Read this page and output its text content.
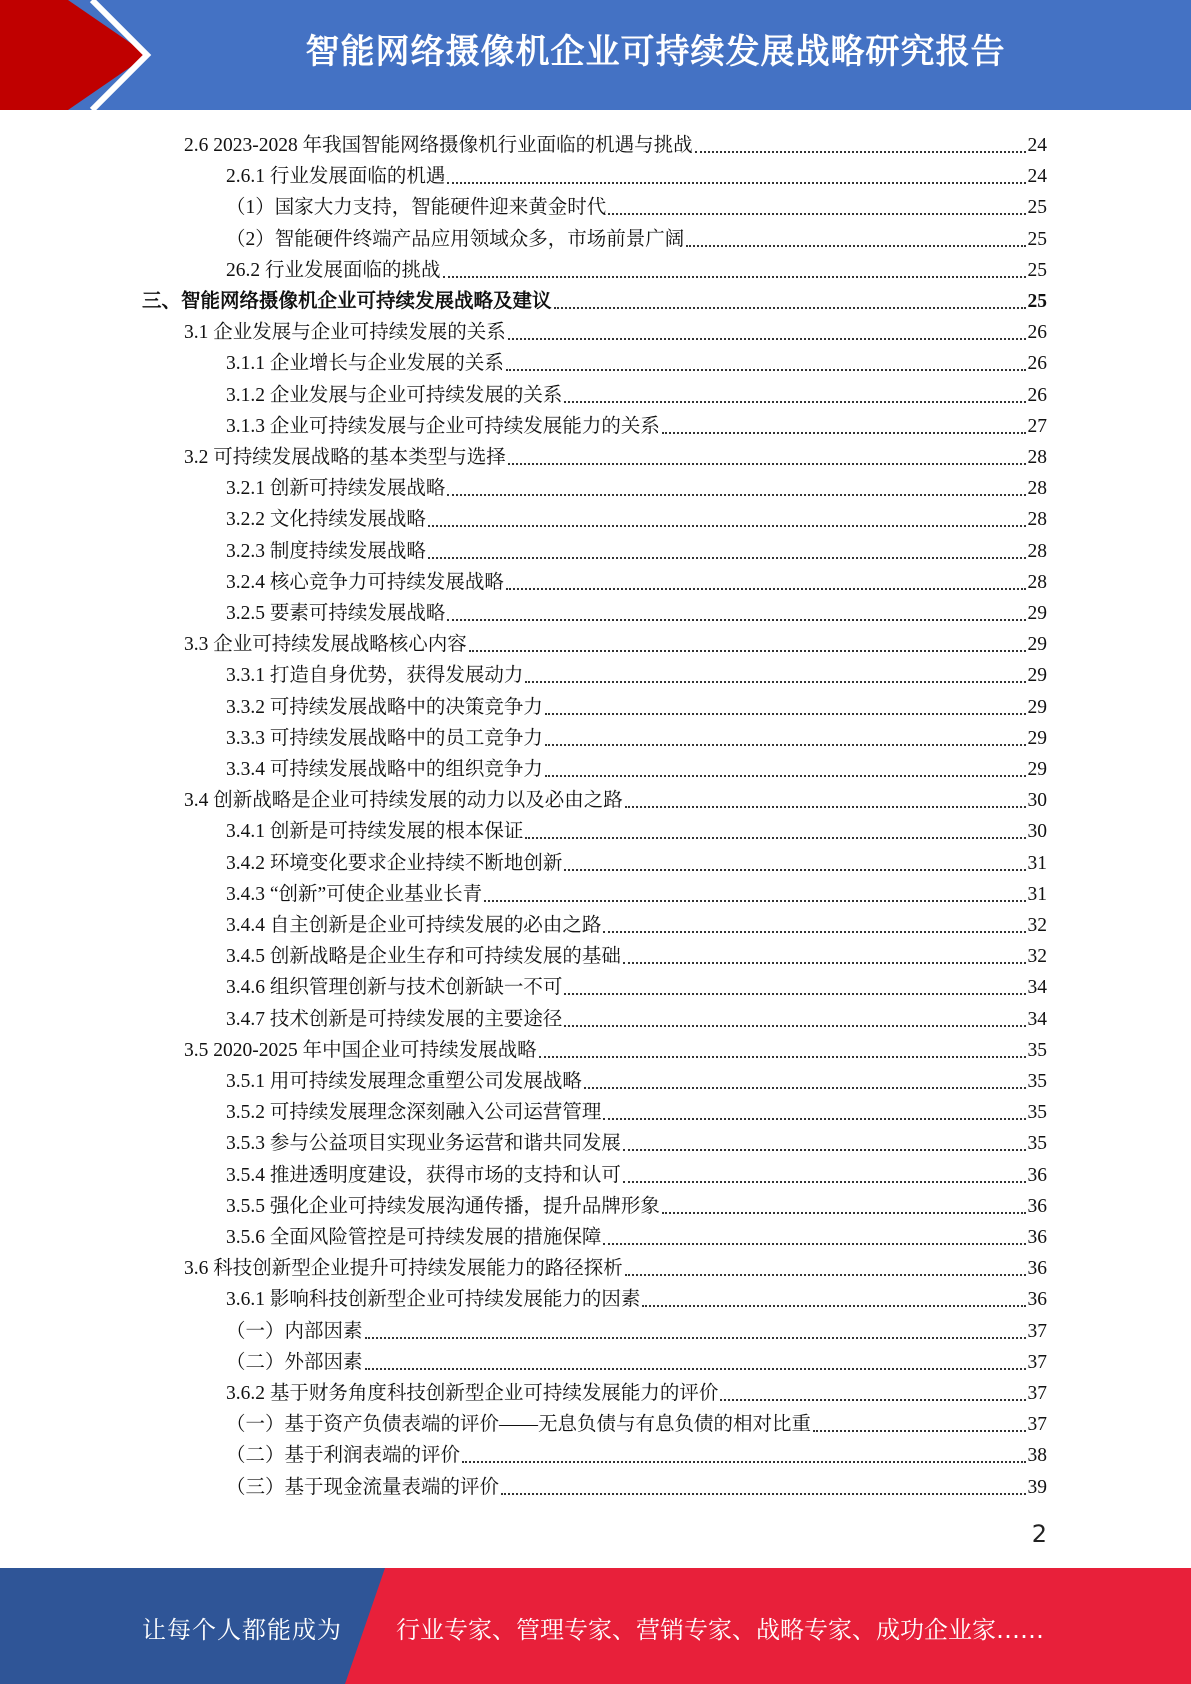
智能网络摄像机企业可持续发展战略研究报告
2.6 2023-2028 年我国智能网络摄像机行业面临的机遇与挑战	24
2.6.1 行业发展面临的机遇	24
（1）国家大力支持，智能硬件迎来黄金时代	25
（2）智能硬件终端产品应用领域众多，市场前景广阔	25
26.2 行业发展面临的挑战	25
三、智能网络摄像机企业可持续发展战略及建议	25
3.1 企业发展与企业可持续发展的关系	26
3.1.1 企业增长与企业发展的关系	26
3.1.2 企业发展与企业可持续发展的关系	26
3.1.3 企业可持续发展与企业可持续发展能力的关系	27
3.2 可持续发展战略的基本类型与选择	28
3.2.1 创新可持续发展战略	28
3.2.2 文化持续发展战略	28
3.2.3 制度持续发展战略	28
3.2.4 核心竞争力可持续发展战略	28
3.2.5 要素可持续发展战略	29
3.3 企业可持续发展战略核心内容	29
3.3.1 打造自身优势，获得发展动力	29
3.3.2 可持续发展战略中的决策竞争力	29
3.3.3 可持续发展战略中的员工竞争力	29
3.3.4 可持续发展战略中的组织竞争力	29
3.4 创新战略是企业可持续发展的动力以及必由之路	30
3.4.1 创新是可持续发展的根本保证	30
3.4.2 环境变化要求企业持续不断地创新	31
3.4.3 “创新”可使企业基业长青	31
3.4.4 自主创新是企业可持续发展的必由之路	32
3.4.5 创新战略是企业生存和可持续发展的基础	32
3.4.6 组织管理创新与技术创新缺一不可	34
3.4.7 技术创新是可持续发展的主要途径	34
3.5 2020-2025 年中国企业可持续发展战略	35
3.5.1 用可持续发展理念重塑公司发展战略	35
3.5.2 可持续发展理念深刻融入公司运营管理	35
3.5.3 参与公益项目实现业务运营和谐共同发展	35
3.5.4 推进透明度建设，获得市场的支持和认可	36
3.5.5 强化企业可持续发展沟通传播，提升品牌形象	36
3.5.6 全面风险管控是可持续发展的措施保障	36
3.6 科技创新型企业提升可持续发展能力的路径探析	36
3.6.1 影响科技创新型企业可持续发展能力的因素	36
（一）内部因素	37
（二）外部因素	37
3.6.2 基于财务角度科技创新型企业可持续发展能力的评价	37
（一）基于资产负债表端的评价——无息负债与有息负债的相对比重	37
（二）基于利润表端的评价	38
（三）基于现金流量表端的评价	39
2
让每个人都能成为 行业专家、管理专家、营销专家、战略专家、成功企业家……
